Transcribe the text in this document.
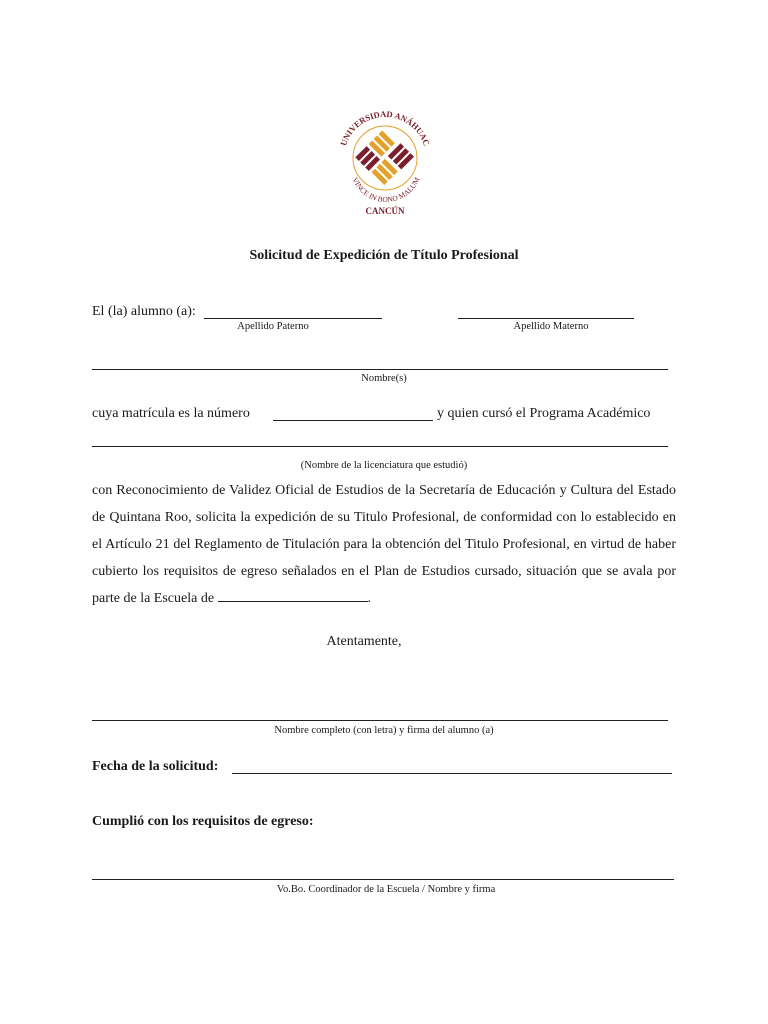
UNIVERSIDAD ANÁHUAC
VINCE IN BONO MALUM
CANCÚN
Solicitud de Expedición de Título Profesional
El (la) alumno (a):
Apellido Paterno	Apellido Materno
Nombre(s)
cuya matrícula es la número	y quien cursó el Programa Académico
(Nombre de la licenciatura que estudió)
con Reconocimiento de Validez Oficial de Estudios de la Secretaría de Educación y Cultura del Estado de Quintana Roo, solicita la expedición de su Titulo Profesional, de conformidad con lo establecido en el Artículo 21 del Reglamento de Titulación para la obtención del Titulo Profesional, en virtud de haber cubierto los requisitos de egreso señalados en el Plan de Estudios cursado, situación que se avala por parte de la Escuela de	.
Atentamente,
Nombre completo (con letra) y firma del alumno (a)
Fecha de la solicitud:
Cumplió con los requisitos de egreso:
Vo.Bo. Coordinador de la Escuela / Nombre y firma
